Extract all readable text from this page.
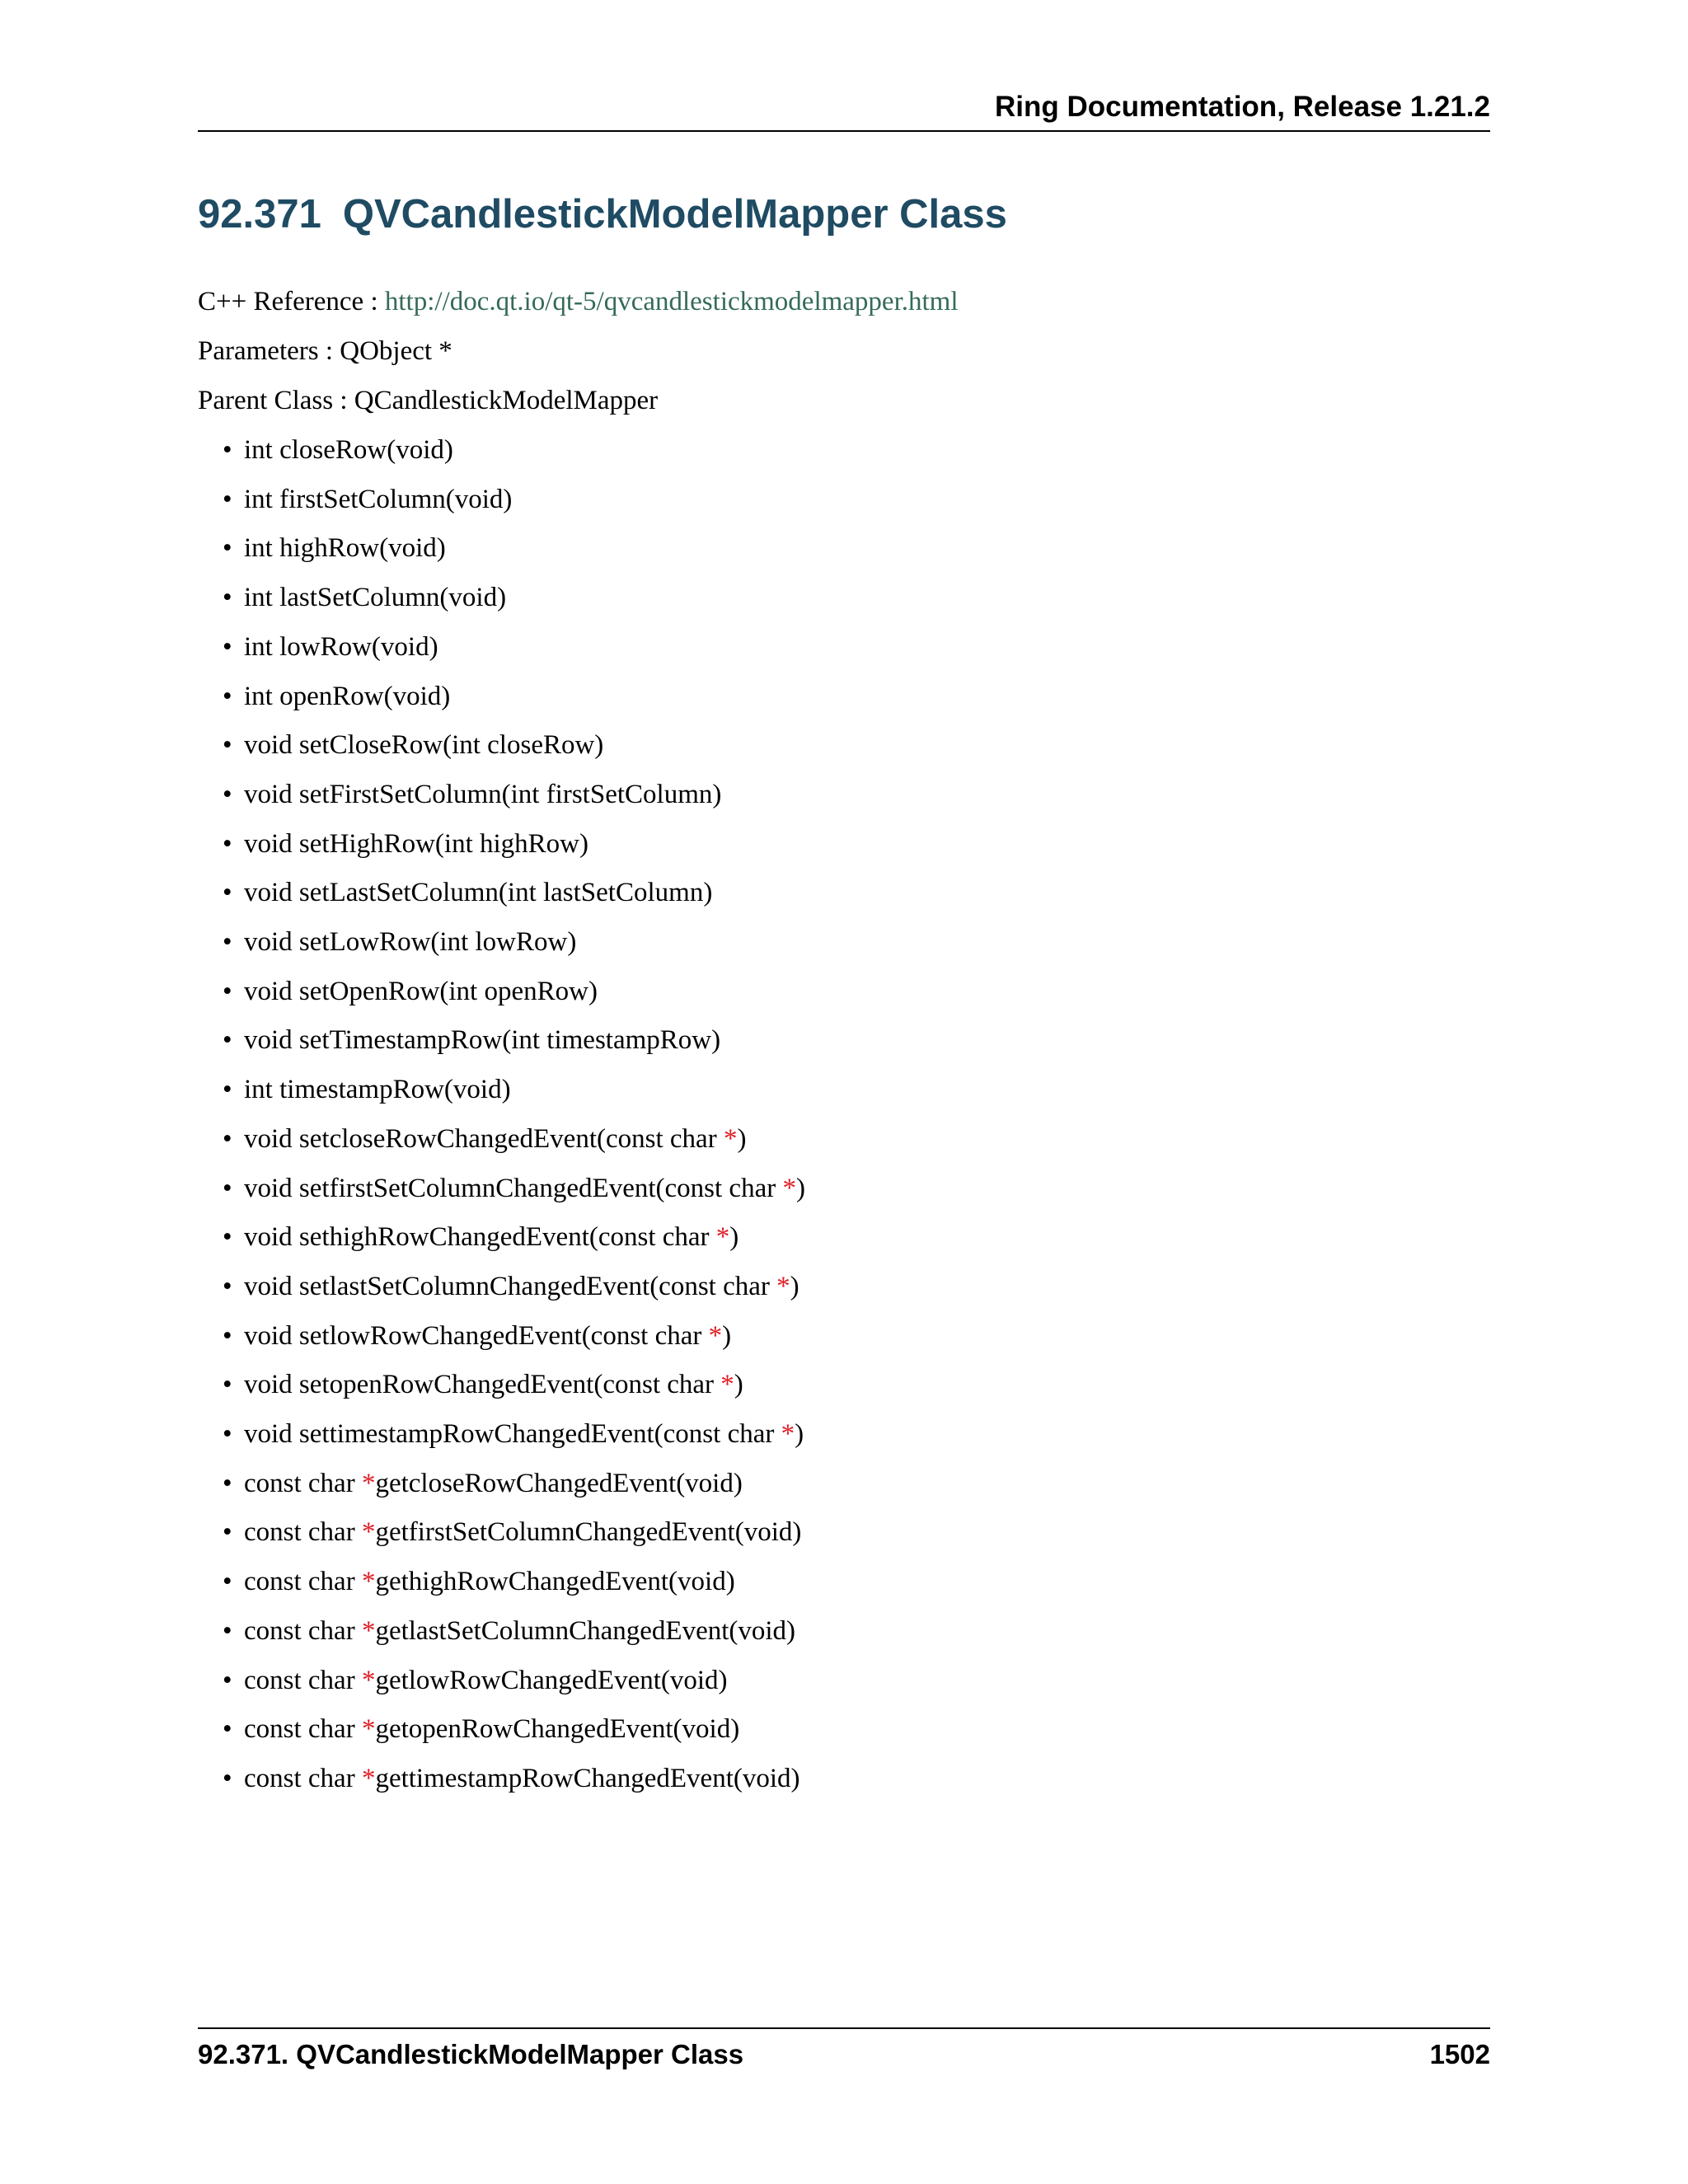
Ring Documentation, Release 1.21.2
92.371 QVCandlestickModelMapper Class
C++ Reference : http://doc.qt.io/qt-5/qvcandlestickmodelmapper.html
Parameters : QObject *
Parent Class : QCandlestickModelMapper
• int closeRow(void)
• int firstSetColumn(void)
• int highRow(void)
• int lastSetColumn(void)
• int lowRow(void)
• int openRow(void)
• void setCloseRow(int closeRow)
• void setFirstSetColumn(int firstSetColumn)
• void setHighRow(int highRow)
• void setLastSetColumn(int lastSetColumn)
• void setLowRow(int lowRow)
• void setOpenRow(int openRow)
• void setTimestampRow(int timestampRow)
• int timestampRow(void)
• void setcloseRowChangedEvent(const char *)
• void setfirstSetColumnChangedEvent(const char *)
• void sethighRowChangedEvent(const char *)
• void setlastSetColumnChangedEvent(const char *)
• void setlowRowChangedEvent(const char *)
• void setopenRowChangedEvent(const char *)
• void settimestampRowChangedEvent(const char *)
• const char *getcloseRowChangedEvent(void)
• const char *getfirstSetColumnChangedEvent(void)
• const char *gethighRowChangedEvent(void)
• const char *getlastSetColumnChangedEvent(void)
• const char *getlowRowChangedEvent(void)
• const char *getopenRowChangedEvent(void)
• const char *gettimestampRowChangedEvent(void)
92.371. QVCandlestickModelMapper Class	1502
